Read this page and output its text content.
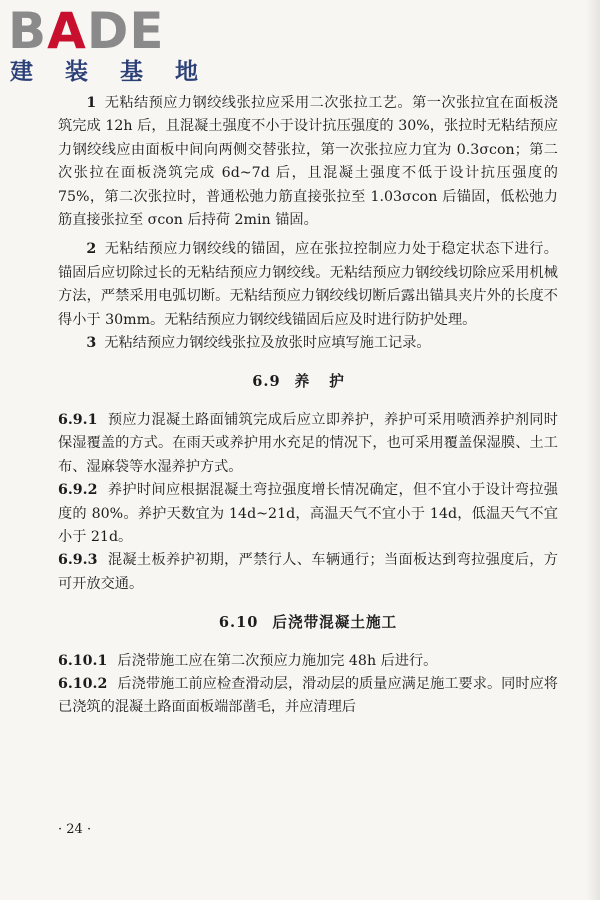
BADE
建 装 基 地

1 无粘结预应力钢绞线张拉应采用二次张拉工艺。第一次张拉宜在面板浇筑完成 12h 后，且混凝土强度不小于设计抗压强度的 30%，张拉时无粘结预应力钢绞线应由面板中间向两侧交替张拉，第一次张拉应力宜为 0.3σcon；第二次张拉在面板浇筑完成 6d~7d 后，且混凝土强度不低于设计抗压强度的 75%，第二次张拉时，普通松弛力筋直接张拉至 1.03σcon 后锚固，低松弛力筋直接张拉至 σcon 后持荷 2min 锚固。

2 无粘结预应力钢绞线的锚固，应在张拉控制应力处于稳定状态下进行。锚固后应切除过长的无粘结预应力钢绞线。无粘结预应力钢绞线切除应采用机械方法，严禁采用电弧切断。无粘结预应力钢绞线切断后露出锚具夹片外的长度不得小于 30mm。无粘结预应力钢绞线锚固后应及时进行防护处理。

3 无粘结预应力钢绞线张拉及放张时应填写施工记录。

6.9 养护

6.9.1 预应力混凝土路面铺筑完成后应立即养护，养护可采用喷洒养护剂同时保湿覆盖的方式。在雨天或养护用水充足的情况下，也可采用覆盖保湿膜、土工布、湿麻袋等水湿养护方式。

6.9.2 养护时间应根据混凝土弯拉强度增长情况确定，但不宜小于设计弯拉强度的 80%。养护天数宜为 14d~21d，高温天气不宜小于 14d，低温天气不宜小于 21d。

6.9.3 混凝土板养护初期，严禁行人、车辆通行；当面板达到弯拉强度后，方可开放交通。

6.10 后浇带混凝土施工

6.10.1 后浇带施工应在第二次预应力施加完 48h 后进行。

6.10.2 后浇带施工前应检查滑动层，滑动层的质量应满足施工要求。同时应将已浇筑的混凝土路面面板端部凿毛，并应清理后

· 24 ·
